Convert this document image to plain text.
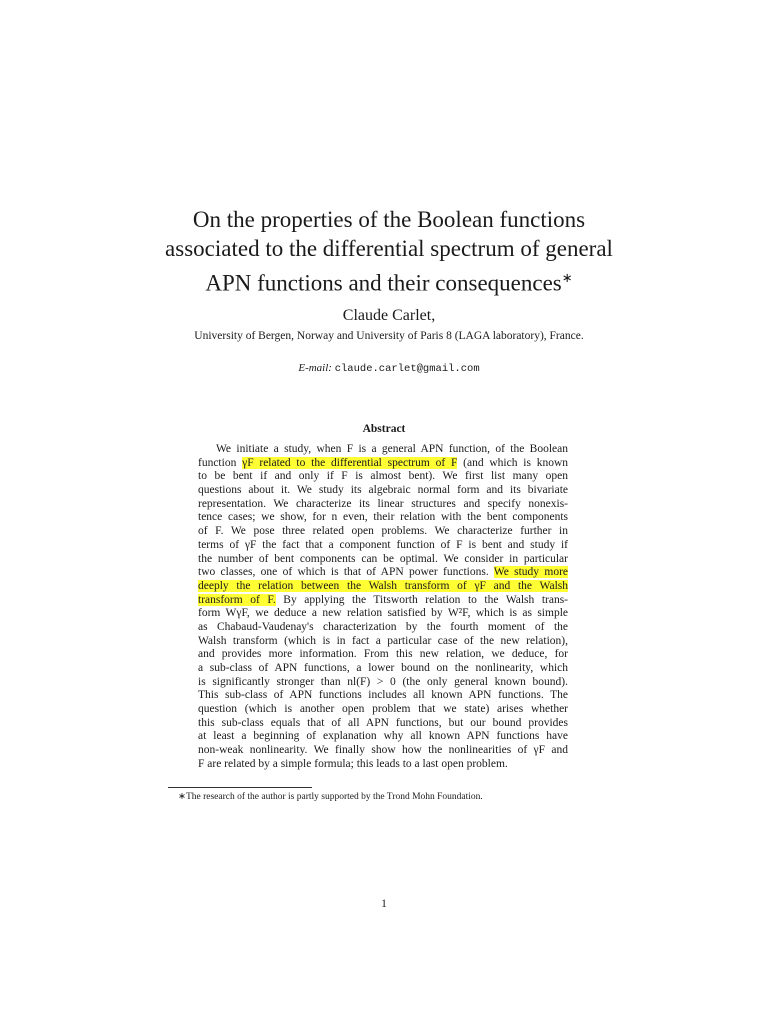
On the properties of the Boolean functions
associated to the differential spectrum of general
APN functions and their consequences∗
Claude Carlet,
University of Bergen, Norway and University of Paris 8 (LAGA laboratory), France.
E-mail: claude.carlet@gmail.com
Abstract
We initiate a study, when F is a general APN function, of the Boolean
function γF related to the differential spectrum of F (and which is known
to be bent if and only if F is almost bent). We first list many open
questions about it. We study its algebraic normal form and its bivariate
representation. We characterize its linear structures and specify nonexis-
tence cases; we show, for n even, their relation with the bent components
of F. We pose three related open problems. We characterize further in
terms of γF the fact that a component function of F is bent and study if
the number of bent components can be optimal. We consider in particular
two classes, one of which is that of APN power functions. We study more
deeply the relation between the Walsh transform of γF and the Walsh
transform of F. By applying the Titsworth relation to the Walsh trans-
form WγF, we deduce a new relation satisfied by W²F, which is as simple
as Chabaud-Vaudenay's characterization by the fourth moment of the
Walsh transform (which is in fact a particular case of the new relation),
and provides more information. From this new relation, we deduce, for
a sub-class of APN functions, a lower bound on the nonlinearity, which
is significantly stronger than nl(F) > 0 (the only general known bound).
This sub-class of APN functions includes all known APN functions. The
question (which is another open problem that we state) arises whether
this sub-class equals that of all APN functions, but our bound provides
at least a beginning of explanation why all known APN functions have
non-weak nonlinearity. We finally show how the nonlinearities of γF and
F are related by a simple formula; this leads to a last open problem.
∗The research of the author is partly supported by the Trond Mohn Foundation.
1
